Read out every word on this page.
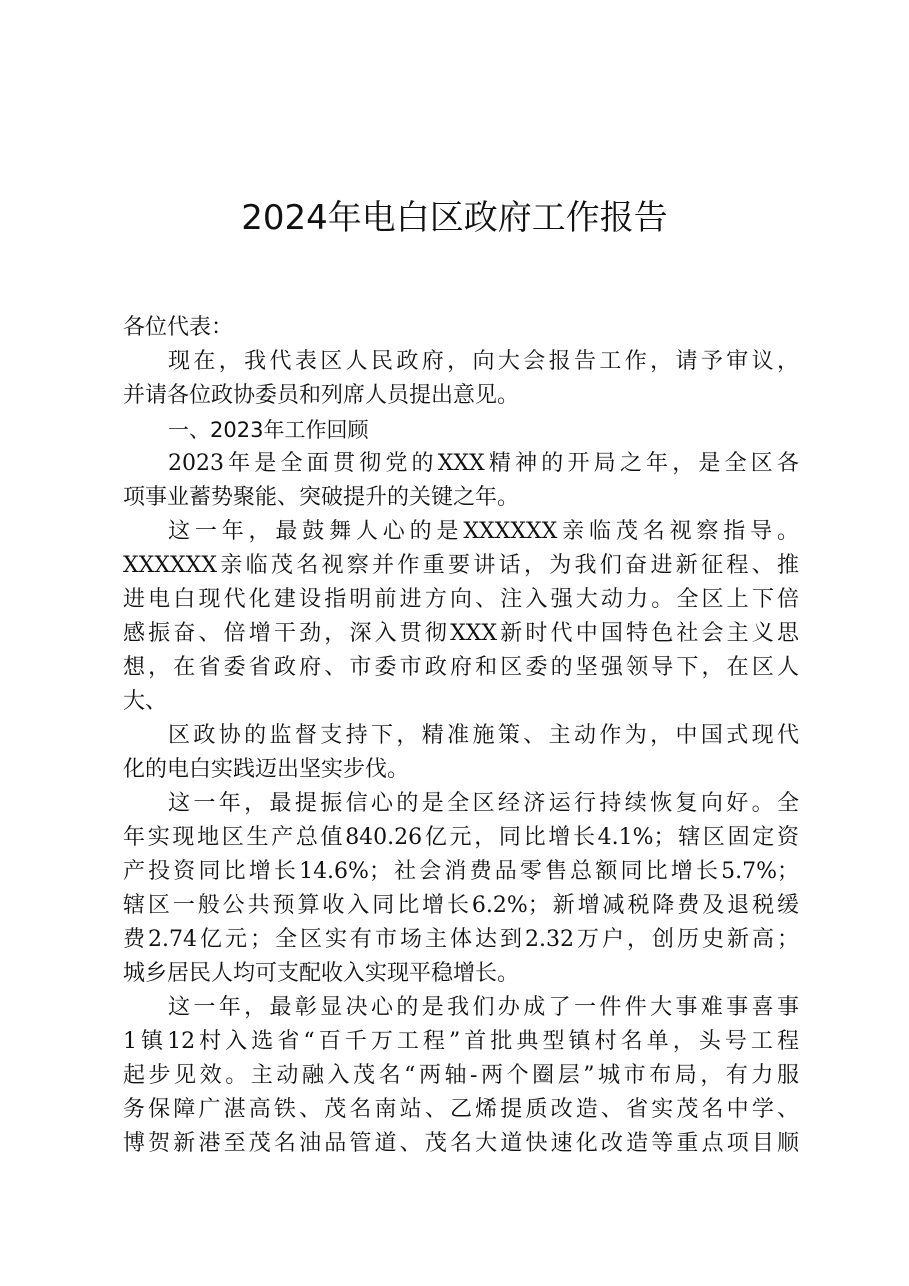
2024年电白区政府工作报告
各位代表：
现在，我代表区人民政府，向大会报告工作，请予审议，
并请各位政协委员和列席人员提出意见。
一、2023年工作回顾
2023年是全面贯彻党的XXX精神的开局之年，是全区各
项事业蓄势聚能、突破提升的关键之年。
这一年，最鼓舞人心的是XXXXXX亲临茂名视察指导。
XXXXXX亲临茂名视察并作重要讲话，为我们奋进新征程、推
进电白现代化建设指明前进方向、注入强大动力。全区上下倍
感振奋、倍增干劲，深入贯彻XXX新时代中国特色社会主义思
想，在省委省政府、市委市政府和区委的坚强领导下，在区人
大、
区政协的监督支持下，精准施策、主动作为，中国式现代
化的电白实践迈出坚实步伐。
这一年，最提振信心的是全区经济运行持续恢复向好。全
年实现地区生产总值840.26亿元，同比增长4.1%；辖区固定资
产投资同比增长14.6%；社会消费品零售总额同比增长5.7%；
辖区一般公共预算收入同比增长6.2%；新增减税降费及退税缓
费2.74亿元；全区实有市场主体达到2.32万户，创历史新高；
城乡居民人均可支配收入实现平稳增长。
这一年，最彰显决心的是我们办成了一件件大事难事喜事
1镇12村入选省“百千万工程”首批典型镇村名单，头号工程
起步见效。主动融入茂名“两轴-两个圈层”城市布局，有力服
务保障广湛高铁、茂名南站、乙烯提质改造、省实茂名中学、
博贺新港至茂名油品管道、茂名大道快速化改造等重点项目顺
